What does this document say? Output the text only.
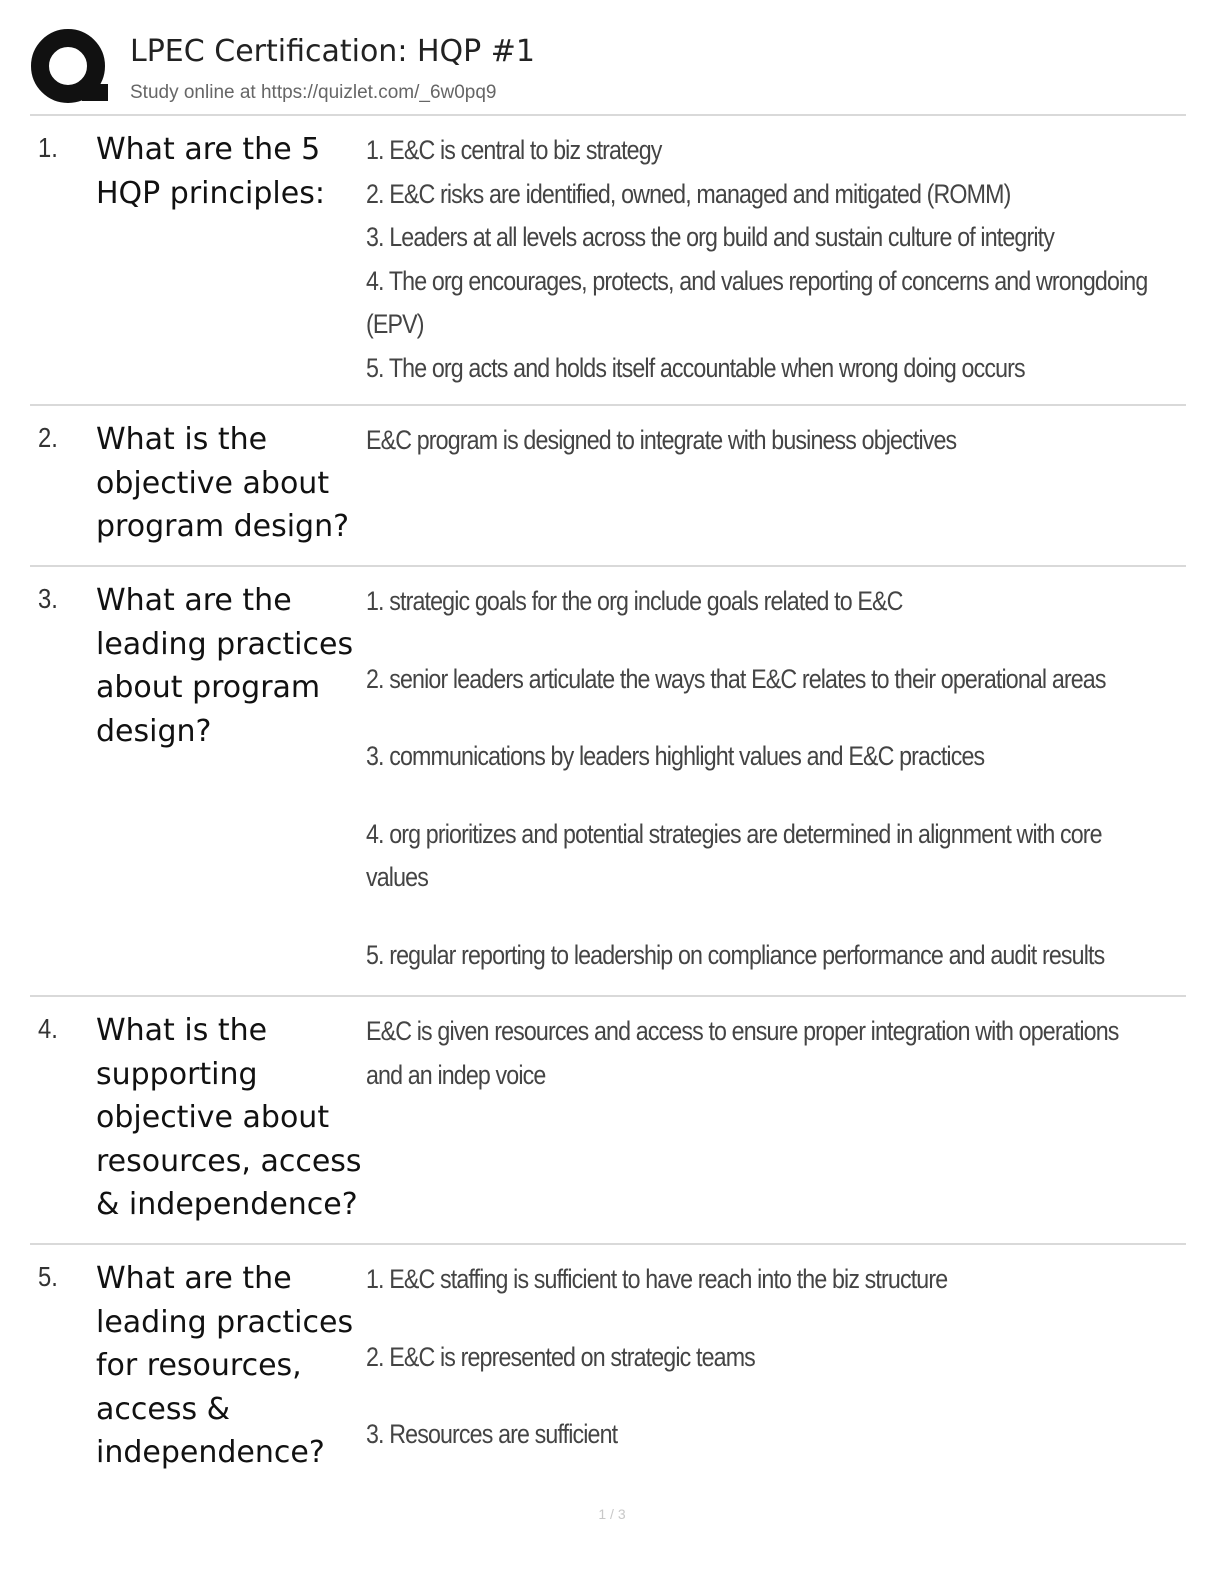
LPEC Certification: HQP #1
Study online at https://quizlet.com/_6w0pq9
1. What are the 5 HQP principles:
1. E&C is central to biz strategy
2. E&C risks are identified, owned, managed and mitigated (ROMM)
3. Leaders at all levels across the org build and sustain culture of integrity
4. The org encourages, protects, and values reporting of concerns and wrongdoing
(EPV)
5. The org acts and holds itself accountable when wrong doing occurs
2. What is the objective about program design?
E&C program is designed to integrate with business objectives
3. What are the leading practices about program design?
1. strategic goals for the org include goals related to E&C
2. senior leaders articulate the ways that E&C relates to their operational areas
3. communications by leaders highlight values and E&C practices
4. org prioritizes and potential strategies are determined in alignment with core
values
5. regular reporting to leadership on compliance performance and audit results
4. What is the supporting objective about resources, access & independence?
E&C is given resources and access to ensure proper integration with operations
and an indep voice
5. What are the leading practices for resources, access & independence?
1. E&C staffing is sufficient to have reach into the biz structure
2. E&C is represented on strategic teams
3. Resources are sufficient
1 / 3
